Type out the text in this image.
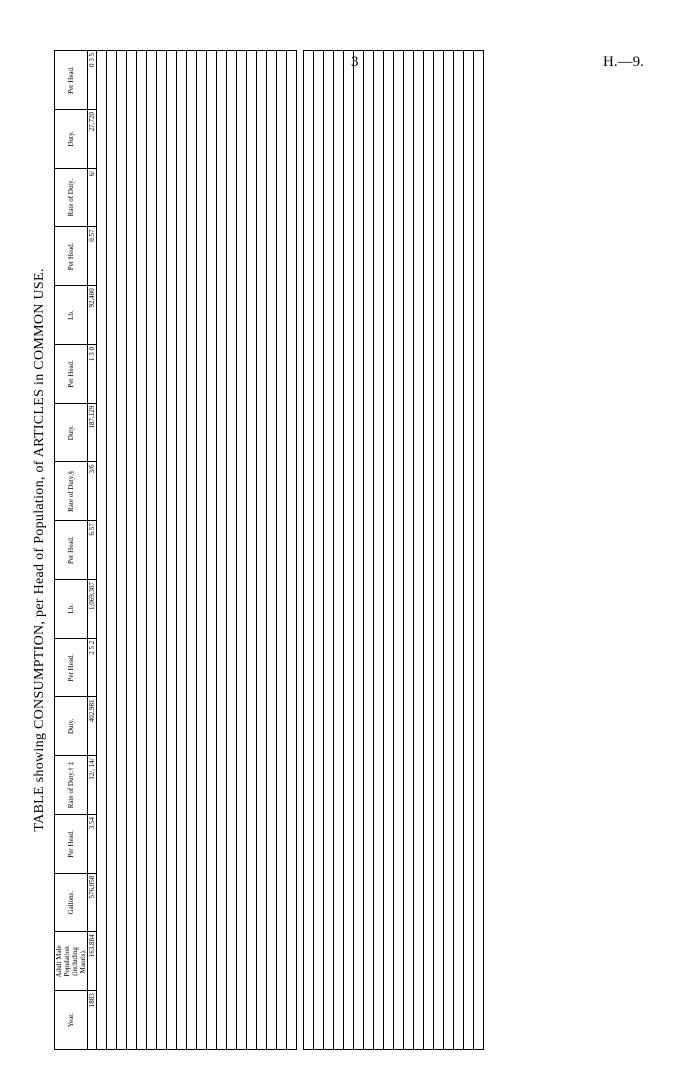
3	H.—9.
TABLE showing CONSUMPTION, per Head of Population, of ARTICLES in COMMON USE.
Year.	Adult Male Population (including Maoris).	Gallons.	Per Head.	Rate of Duty.† ‡	Duty.	Per Head.	Lb.	Per Head.	Rate of Duty.§	Duty.	Per Head.	Lb.	Per Head.	Rate of Duty.	Duty.	Per Head.
1883	163,884	576,058	3.54	12/, 14/	402,981	2 5 2	1,069,307	6.57	3/6	187,129	1 3 0	92,400	0.57	6/	27,720	0 3 5
